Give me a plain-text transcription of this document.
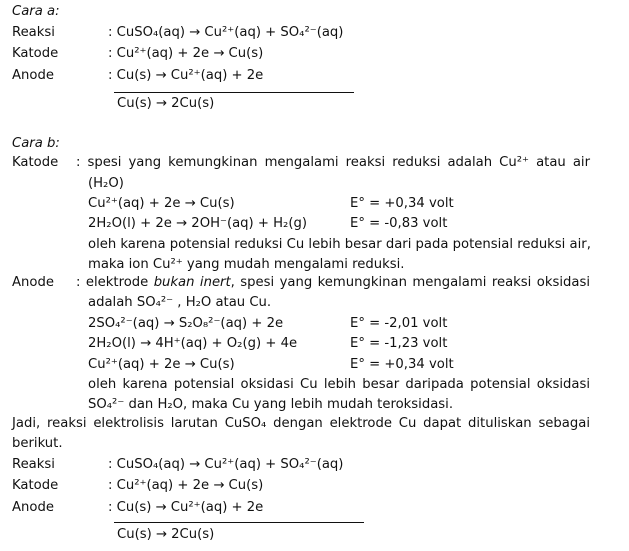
Cara a:
Reaksi	: CuSO₄(aq) → Cu²⁺(aq) + SO₄²⁻(aq)
Katode	: Cu²⁺(aq) + 2e → Cu(s)
Anode	: Cu(s) → Cu²⁺(aq) + 2e
Cu(s) → 2Cu(s)
Cara b:
Katode : spesi yang kemungkinan mengalami reaksi reduksi adalah Cu²⁺ atau air
(H₂O)
Cu²⁺(aq) + 2e → Cu(s)	E° = +0,34 volt
2H₂O(l) + 2e → 2OH⁻(aq) + H₂(g)	E° = -0,83 volt
oleh karena potensial reduksi Cu lebih besar dari pada potensial reduksi air,
maka ion Cu²⁺ yang mudah mengalami reduksi.
Anode : elektrode bukan inert, spesi yang kemungkinan mengalami reaksi oksidasi
adalah SO₄²⁻ , H₂O atau Cu.
2SO₄²⁻(aq) → S₂O₈²⁻(aq) + 2e	E° = -2,01 volt
2H₂O(l) → 4H⁺(aq) + O₂(g) + 4e	E° = -1,23 volt
Cu²⁺(aq) + 2e → Cu(s)	E° = +0,34 volt
oleh karena potensial oksidasi Cu lebih besar daripada potensial oksidasi
SO₄²⁻ dan H₂O, maka Cu yang lebih mudah teroksidasi.
Jadi, reaksi elektrolisis larutan CuSO₄ dengan elektrode Cu dapat dituliskan sebagai
berikut.
Reaksi	: CuSO₄(aq) → Cu²⁺(aq) + SO₄²⁻(aq)
Katode	: Cu²⁺(aq) + 2e → Cu(s)
Anode	: Cu(s) → Cu²⁺(aq) + 2e
Cu(s) → 2Cu(s)
